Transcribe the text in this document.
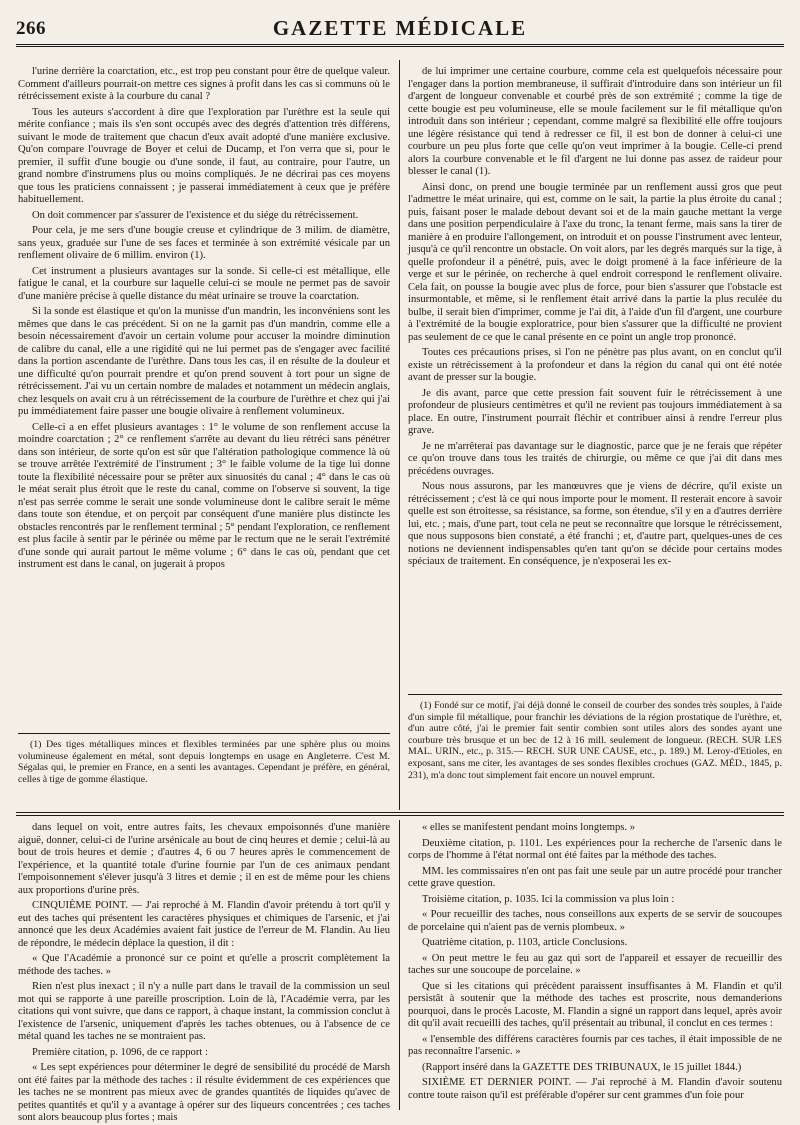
266	GAZETTE MÉDICALE

l'urine derrière la coarctation, etc., est trop peu constant pour être de quelque valeur. Comment d'ailleurs pourrait-on mettre ces signes à profit dans les cas si communs où le rétrécissement existe à la courbure du canal ?

Tous les auteurs s'accordent à dire que l'exploration par l'urèthre est la seule qui mérite confiance ; mais ils s'en sont occupés avec des degrés d'attention très différens, suivant le mode de traitement que chacun d'eux avait adopté d'une manière exclusive. Qu'on compare l'ouvrage de Boyer et celui de Ducamp, et l'on verra que si, pour le premier, il suffit d'une bougie ou d'une sonde, il faut, au contraire, pour l'autre, un grand nombre d'instrumens plus ou moins compliqués. Je ne décrirai pas ces moyens que tous les praticiens connaissent ; je passerai immédiatement à ceux que je préfère habituellement.

On doit commencer par s'assurer de l'existence et du siége du rétrécissement.

Pour cela, je me sers d'une bougie creuse et cylindrique de 3 milim. de diamètre, sans yeux, graduée sur l'une de ses faces et terminée à son extrémité vésicale par un renflement olivaire de 6 millim. environ (1).

Cet instrument a plusieurs avantages sur la sonde. Si celle-ci est métallique, elle fatigue le canal, et la courbure sur laquelle celui-ci se moule ne permet pas de savoir d'une manière précise à quelle distance du méat urinaire se trouve la coarctation.

Si la sonde est élastique et qu'on la munisse d'un mandrin, les inconvéniens sont les mêmes que dans le cas précédent. Si on ne la garnit pas d'un mandrin, comme elle a besoin nécessairement d'avoir un certain volume pour accuser la moindre diminution de calibre du canal, elle a une rigidité qui ne lui permet pas de s'engager avec facilité dans la portion ascendante de l'urèthre. Dans tous les cas, il en résulte de la douleur et une difficulté qu'on pourrait prendre et qu'on prend souvent à tort pour un signe de rétrécissement. J'ai vu un certain nombre de malades et notamment un médecin anglais, chez lesquels on avait cru à un rétrécissement de la courbure de l'urèthre et chez qui j'ai pu immédiatement faire passer une bougie olivaire à renflement volumineux.

Celle-ci a en effet plusieurs avantages : 1° le volume de son renflement accuse la moindre coarctation ; 2° ce renflement s'arrête au devant du lieu rétréci sans pénétrer dans son intérieur, de sorte qu'on est sûr que l'altération pathologique commence là où se trouve arrêtée l'extrémité de l'instrument ; 3° le faible volume de la tige lui donne toute la flexibilité nécessaire pour se prêter aux sinuosités du canal ; 4° dans le cas où le méat serait plus étroit que le reste du canal, comme on l'observe si souvent, la tige n'est pas serrée comme le serait une sonde volumineuse dont le calibre serait le même dans toute son étendue, et on perçoit par conséquent d'une manière plus distincte les obstacles rencontrés par le renflement terminal ; 5° pendant l'exploration, ce renflement est plus facile à sentir par le périnée ou même par le rectum que ne le serait l'extrémité d'une sonde qui aurait partout le même volume ; 6° dans le cas où, pendant que cet instrument est dans le canal, on jugerait à propos

(1) Des tiges métalliques minces et flexibles terminées par une sphère plus ou moins volumineuse également en métal, sont depuis longtemps en usage en Angleterre. C'est M. Ségalas qui, le premier en France, en a senti les avantages. Cependant je préfère, en général, celles à tige de gomme élastique.

de lui imprimer une certaine courbure, comme cela est quelquefois nécessaire pour l'engager dans la portion membraneuse, il suffirait d'introduire dans son intérieur un fil d'argent de longueur convenable et courbé près de son extrémité ; comme la tige de cette bougie est peu volumineuse, elle se moule facilement sur le fil métallique qu'on introduit dans son intérieur ; cependant, comme malgré sa flexibilité elle offre toujours une légère résistance qui tend à redresser ce fil, il est bon de donner à celui-ci une courbure un peu plus forte que celle qu'on veut imprimer à la bougie. Celle-ci prend alors la courbure convenable et le fil d'argent ne lui donne pas assez de raideur pour blesser le canal (1).

Ainsi donc, on prend une bougie terminée par un renflement aussi gros que peut l'admettre le méat urinaire, qui est, comme on le sait, la partie la plus étroite du canal ; puis, faisant poser le malade debout devant soi et de la main gauche mettant la verge dans une position perpendiculaire à l'axe du tronc, la tenant ferme, mais sans la tirer de manière à en produire l'allongement, on introduit et on pousse l'instrument avec lenteur, jusqu'à ce qu'il rencontre un obstacle. On voit alors, par les degrés marqués sur la tige, à quelle profondeur il a pénétré, puis, avec le doigt promené à la face inférieure de la verge et sur le périnée, on recherche à quel endroit correspond le renflement olivaire. Cela fait, on pousse la bougie avec plus de force, pour bien s'assurer que l'obstacle est insurmontable, et même, si le renflement était arrivé dans la partie la plus reculée du bulbe, il serait bien d'imprimer, comme je l'ai dit, à l'aide d'un fil d'argent, une courbure à l'extrémité de la bougie exploratrice, pour bien s'assurer que la difficulté ne provient pas seulement de ce que le canal présente en ce point un angle trop prononcé.

Toutes ces précautions prises, si l'on ne pénètre pas plus avant, on en conclut qu'il existe un rétrécissement à la profondeur et dans la région du canal qui ont été notée avant de presser sur la bougie.

Je dis avant, parce que cette pression fait souvent fuir le rétrécissement à une profondeur de plusieurs centimètres et qu'il ne revient pas toujours immédiatement à sa place. En outre, l'instrument pourrait fléchir et contribuer ainsi à rendre l'erreur plus grave.

Je ne m'arrêterai pas davantage sur le diagnostic, parce que je ne ferais que répéter ce qu'on trouve dans tous les traités de chirurgie, ou même ce que j'ai dit dans mes précédens ouvrages.

Nous nous assurons, par les manœuvres que je viens de décrire, qu'il existe un rétrécissement ; c'est là ce qui nous importe pour le moment. Il resterait encore à savoir quelle est son étroitesse, sa résistance, sa forme, son étendue, s'il y en a d'autres derrière lui, etc. ; mais, d'une part, tout cela ne peut se reconnaître que lorsque le rétrécissement, que nous supposons bien constaté, a été franchi ; et, d'autre part, quelques-unes de ces notions ne deviennent indispensables qu'en tant qu'on se décide pour certains modes spéciaux de traitement. En conséquence, je n'exposerai les ex-

(1) Fondé sur ce motif, j'ai déjà donné le conseil de courber des sondes très souples, à l'aide d'un simple fil métallique, pour franchir les déviations de la région prostatique de l'urèthre, et, d'un autre côté, j'ai le premier fait sentir combien sont utiles alors des sondes ayant une courbure très brusque et un bec de 12 à 16 mill. seulement de longueur. (RECH. SUR LES MAL. URIN., etc., p. 315.— RECH. SUR UNE CAUSE, etc., p. 189.) M. Leroy-d'Etioles, en exposant, sans me citer, les avantages de ses sondes flexibles crochues (GAZ. MÉD., 1845, p. 231), m'a donc tout simplement fait encore un nouvel emprunt.

dans lequel on voit, entre autres faits, les chevaux empoisonnés d'une manière aiguë, donner, celui-ci de l'urine arsénicale au bout de cinq heures et demie ; celui-là au bout de trois heures et demie ; d'autres 4, 6 ou 7 heures après le commencement de l'expérience, et la quantité totale d'urine fournie par l'un de ces animaux pendant l'empoisonnement s'élever jusqu'à 3 litres et demie ; il en est de même pour les chiens aux proportions d'urine près.

CINQUIÈME POINT. — J'ai reproché à M. Flandin d'avoir prétendu à tort qu'il y eut des taches qui présentent les caractères physiques et chimiques de l'arsenic, et j'ai annoncé que les deux Académies avaient fait justice de l'erreur de M. Flandin. Au lieu de répondre, le médecin déplace la question, il dit :

« Que l'Académie a prononcé sur ce point et qu'elle a proscrit complètement la méthode des taches. »

Rien n'est plus inexact ; il n'y a nulle part dans le travail de la commission un seul mot qui se rapporte à une pareille proscription. Loin de là, l'Académie verra, par les citations qui vont suivre, que dans ce rapport, à chaque instant, la commission conclut à l'existence de l'arsenic, uniquement d'après les taches obtenues, ou à l'absence de ce métal quand les taches ne se montraient pas.

Première citation, p. 1096, de ce rapport :

« Les sept expériences pour déterminer le degré de sensibilité du procédé de Marsh ont été faites par la méthode des taches : il résulte évidemment de ces expériences que les taches ne se montrent pas mieux avec de grandes quantités de liquides qu'avec de petites quantités et qu'il y a avantage à opérer sur des liqueurs concentrées ; ces taches sont alors beaucoup plus fortes ; mais

« elles se manifestent pendant moins longtemps. »

Deuxième citation, p. 1101. Les expériences pour la recherche de l'arsenic dans le corps de l'homme à l'état normal ont été faites par la méthode des taches.

MM. les commissaires n'en ont pas fait une seule par un autre procédé pour trancher cette grave question.

Troisième citation, p. 1035. Ici la commission va plus loin :

« Pour recueillir des taches, nous conseillons aux experts de se servir de soucoupes de porcelaine qui n'aient pas de vernis plombeux. »

Quatrième citation, p. 1103, article Conclusions.

« On peut mettre le feu au gaz qui sort de l'appareil et essayer de recueillir des taches sur une soucoupe de porcelaine. »

Que si les citations qui précèdent paraissent insuffisantes à M. Flandin et qu'il persistât à soutenir que la méthode des taches est proscrite, nous demanderions pourquoi, dans le procès Lacoste, M. Flandin a signé un rapport dans lequel, après avoir dit qu'il avait recueilli des taches, qu'il présentait au tribunal, il conclut en ces termes :

« l'ensemble des différens caractères fournis par ces taches, il était impossible de ne pas reconnaître l'arsenic. »

(Rapport inséré dans la GAZETTE DES TRIBUNAUX, le 15 juillet 1844.)

SIXIÈME ET DERNIER POINT. — J'ai reproché à M. Flandin d'avoir soutenu contre toute raison qu'il est préférable d'opérer sur cent grammes d'un foie pour
